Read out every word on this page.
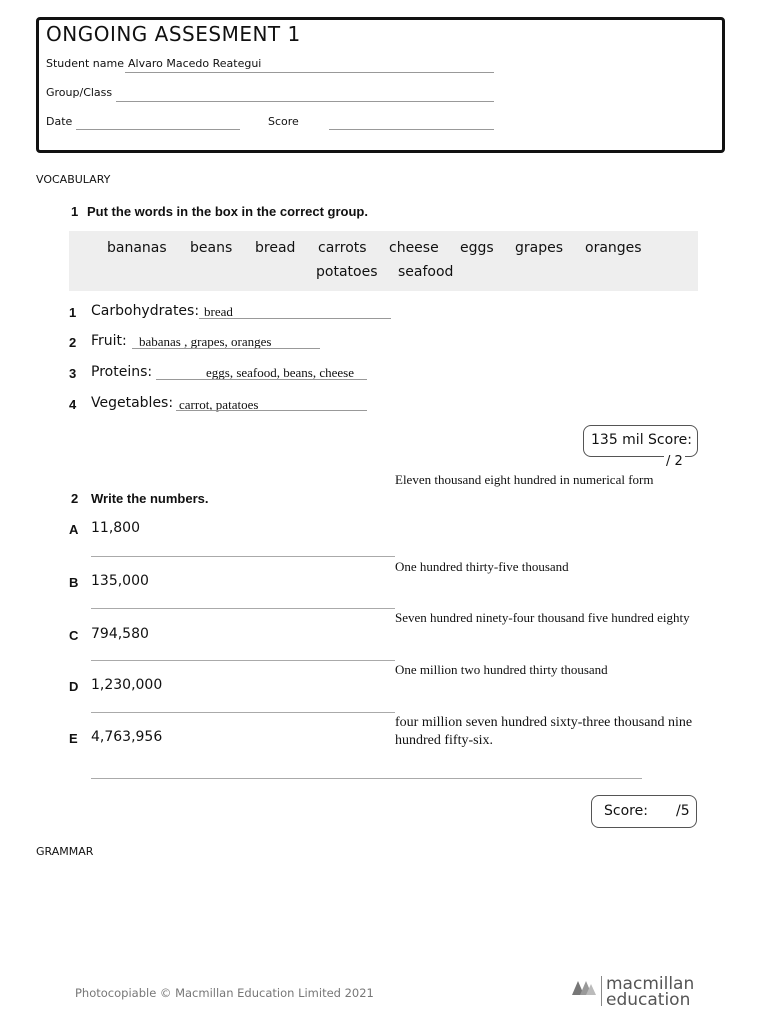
ONGOING ASSESMENT 1
Student name Alvaro Macedo Reategui
Group/Class
Date	Score
VOCABULARY
1 Put the words in the box in the correct group.
bananas beans bread carrots cheese eggs grapes oranges
potatoes seafood
1 Carbohydrates: bread
2 Fruit: babanas , grapes, oranges
3 Proteins:	eggs, seafood, beans, cheese
4 Vegetables: carrot, patatoes
135 mil Score:
/ 2
2 Write the numbers.
Eleven thousand eight hundred in numerical form
A 11,800
One hundred thirty-five thousand
B 135,000
Seven hundred ninety-four thousand five hundred eighty
C 794,580
One million two hundred thirty thousand
D 1,230,000
four million seven hundred sixty-three thousand nine hundred fifty-six.
E 4,763,956
Score: /5
GRAMMAR
Photocopiable © Macmillan Education Limited 2021	macmillan
education
